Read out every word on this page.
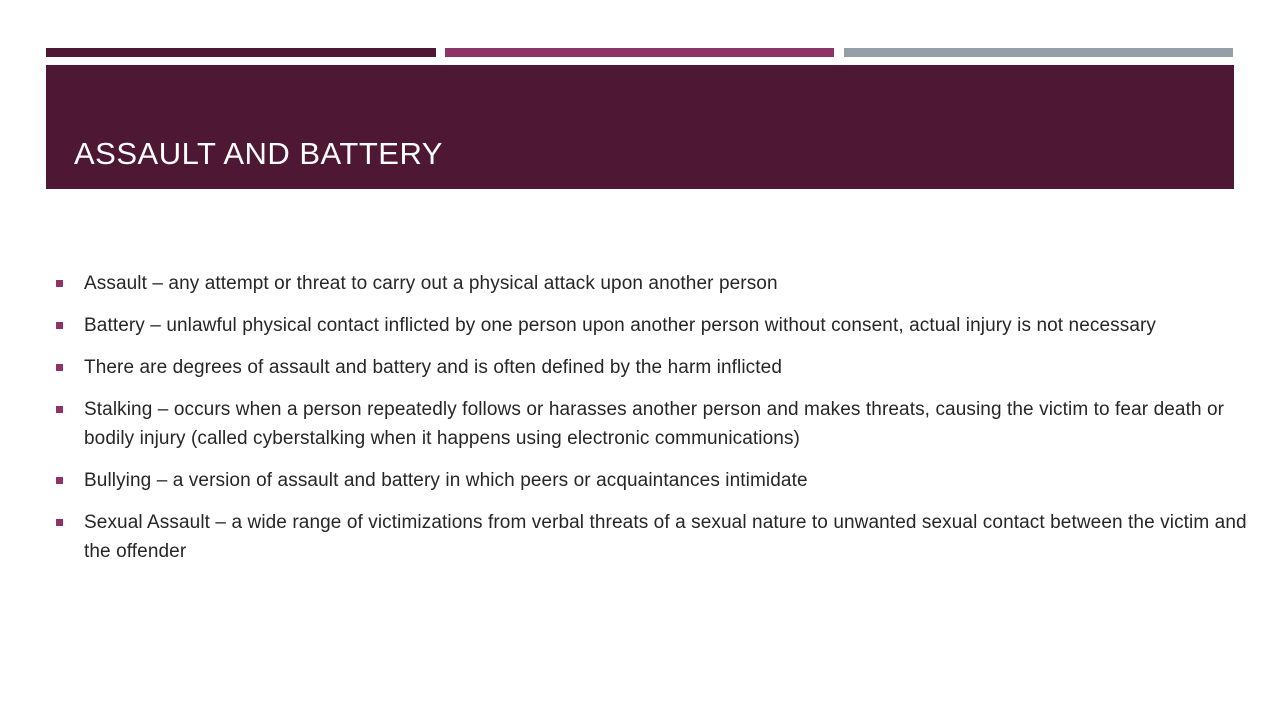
ASSAULT AND BATTERY
Assault – any attempt or threat to carry out a physical attack upon another person
Battery – unlawful physical contact inflicted by one person upon another person without consent, actual injury is not necessary
There are degrees of assault and battery and is often defined by the harm inflicted
Stalking – occurs when a person repeatedly follows or harasses another person and makes threats, causing the victim to fear death or bodily injury (called cyberstalking when it happens using electronic communications)
Bullying – a version of assault and battery in which peers or acquaintances intimidate
Sexual Assault – a wide range of victimizations from verbal threats of a sexual nature to unwanted sexual contact between the victim and the offender
